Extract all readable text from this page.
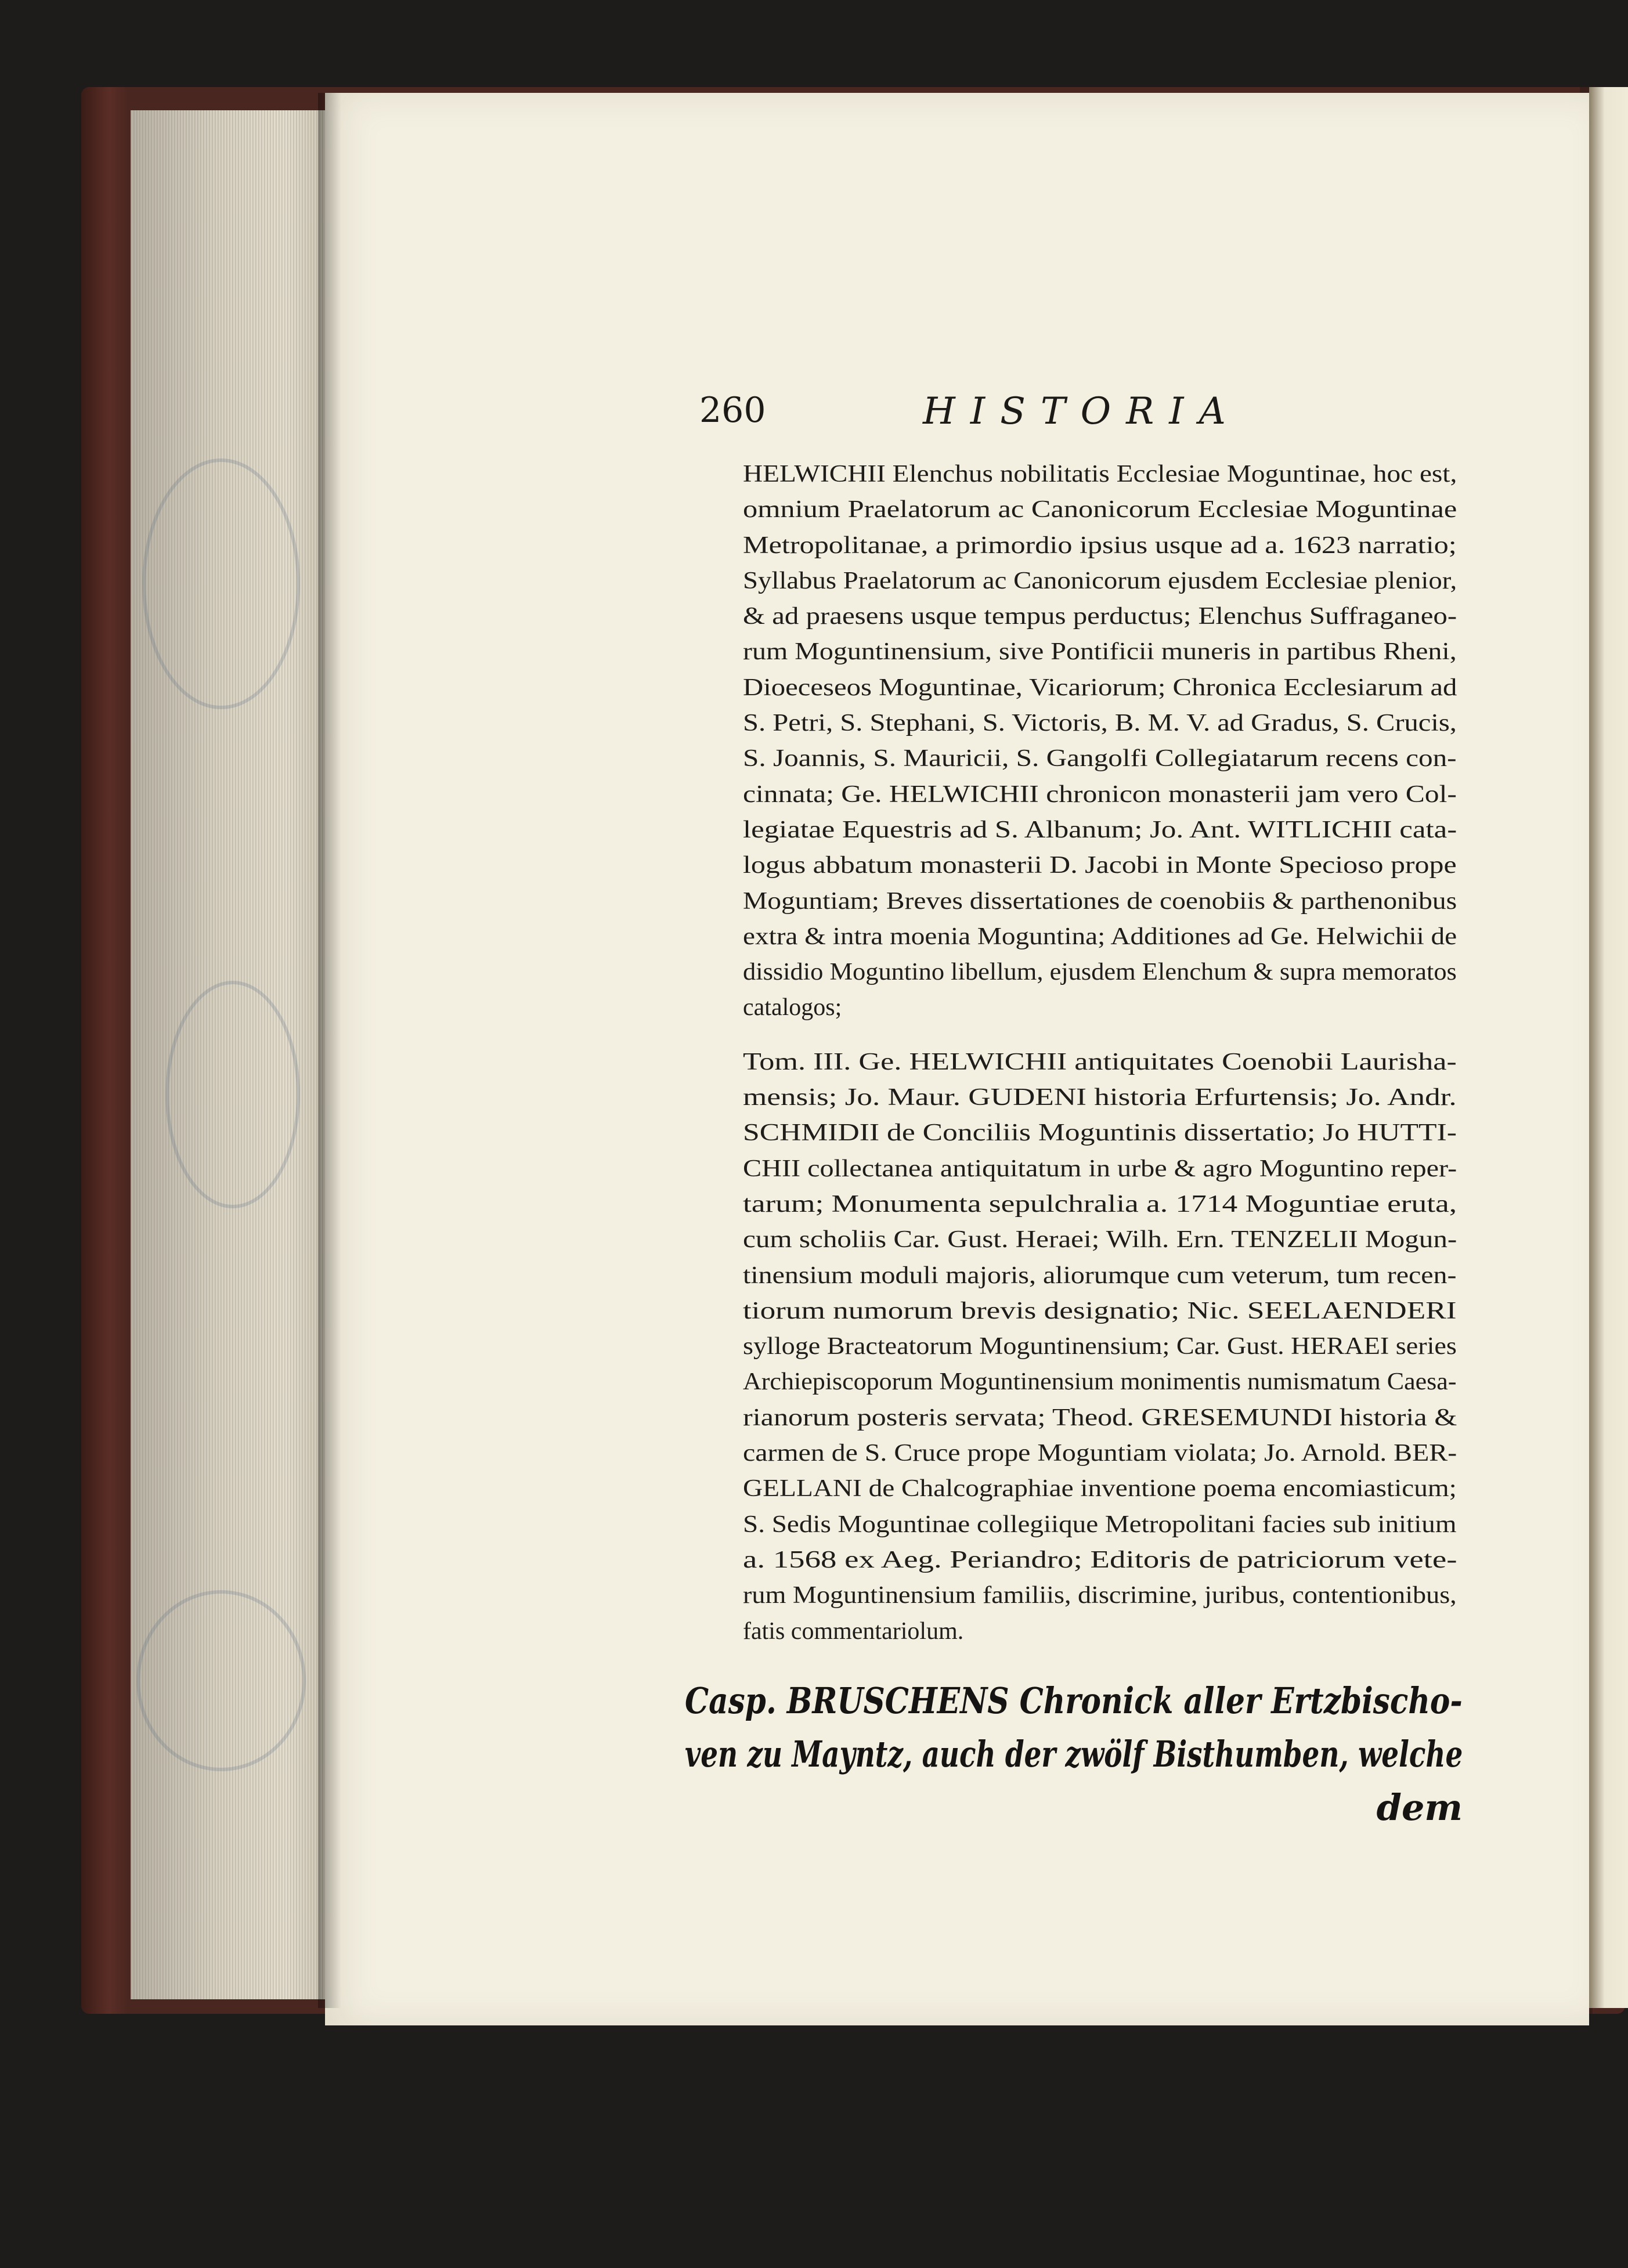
260	HISTORIA
HELWICHII Elenchus nobilitatis Ecclesiae Moguntinae, hoc est,
omnium Praelatorum ac Canonicorum Ecclesiae Moguntinae
Metropolitanae, a primordio ipsius usque ad a. 1623 narratio;
Syllabus Praelatorum ac Canonicorum ejusdem Ecclesiae plenior,
& ad praesens usque tempus perductus; Elenchus Suffraganeo-
rum Moguntinensium, sive Pontificii muneris in partibus Rheni,
Dioeceseos Moguntinae, Vicariorum; Chronica Ecclesiarum ad
S. Petri, S. Stephani, S. Victoris, B. M. V. ad Gradus, S. Crucis,
S. Joannis, S. Mauricii, S. Gangolfi Collegiatarum recens con-
cinnata; Ge. HELWICHII chronicon monasterii jam vero Col-
legiatae Equestris ad S. Albanum; Jo. Ant. WITLICHII cata-
logus abbatum monasterii D. Jacobi in Monte Specioso prope
Moguntiam; Breves dissertationes de coenobiis & parthenonibus
extra & intra moenia Moguntina; Additiones ad Ge. Helwichii de
dissidio Moguntino libellum, ejusdem Elenchum & supra memoratos
catalogos;
Tom. III. Ge. HELWICHII antiquitates Coenobii Laurisha-
mensis; Jo. Maur. GUDENI historia Erfurtensis; Jo. Andr.
SCHMIDII de Conciliis Moguntinis dissertatio; Jo HUTTI-
CHII collectanea antiquitatum in urbe & agro Moguntino reper-
tarum; Monumenta sepulchralia a. 1714 Moguntiae eruta,
cum scholiis Car. Gust. Heraei; Wilh. Ern. TENZELII Mogun-
tinensium moduli majoris, aliorumque cum veterum, tum recen-
tiorum numorum brevis designatio; Nic. SEELAENDERI
sylloge Bracteatorum Moguntinensium; Car. Gust. HERAEI series
Archiepiscoporum Moguntinensium monimentis numismatum Caesa-
rianorum posteris servata; Theod. GRESEMUNDI historia &
carmen de S. Cruce prope Moguntiam violata; Jo. Arnold. BER-
GELLANI de Chalcographiae inventione poema encomiasticum;
S. Sedis Moguntinae collegiique Metropolitani facies sub initium
a. 1568 ex Aeg. Periandro; Editoris de patriciorum vete-
rum Moguntinensium familiis, discrimine, juribus, contentionibus,
fatis commentariolum.
Casp. BRUSCHENS Chronick aller Ertzbischo-
ven zu Mayntz, auch der zwölf Bisthumben, welche
dem
